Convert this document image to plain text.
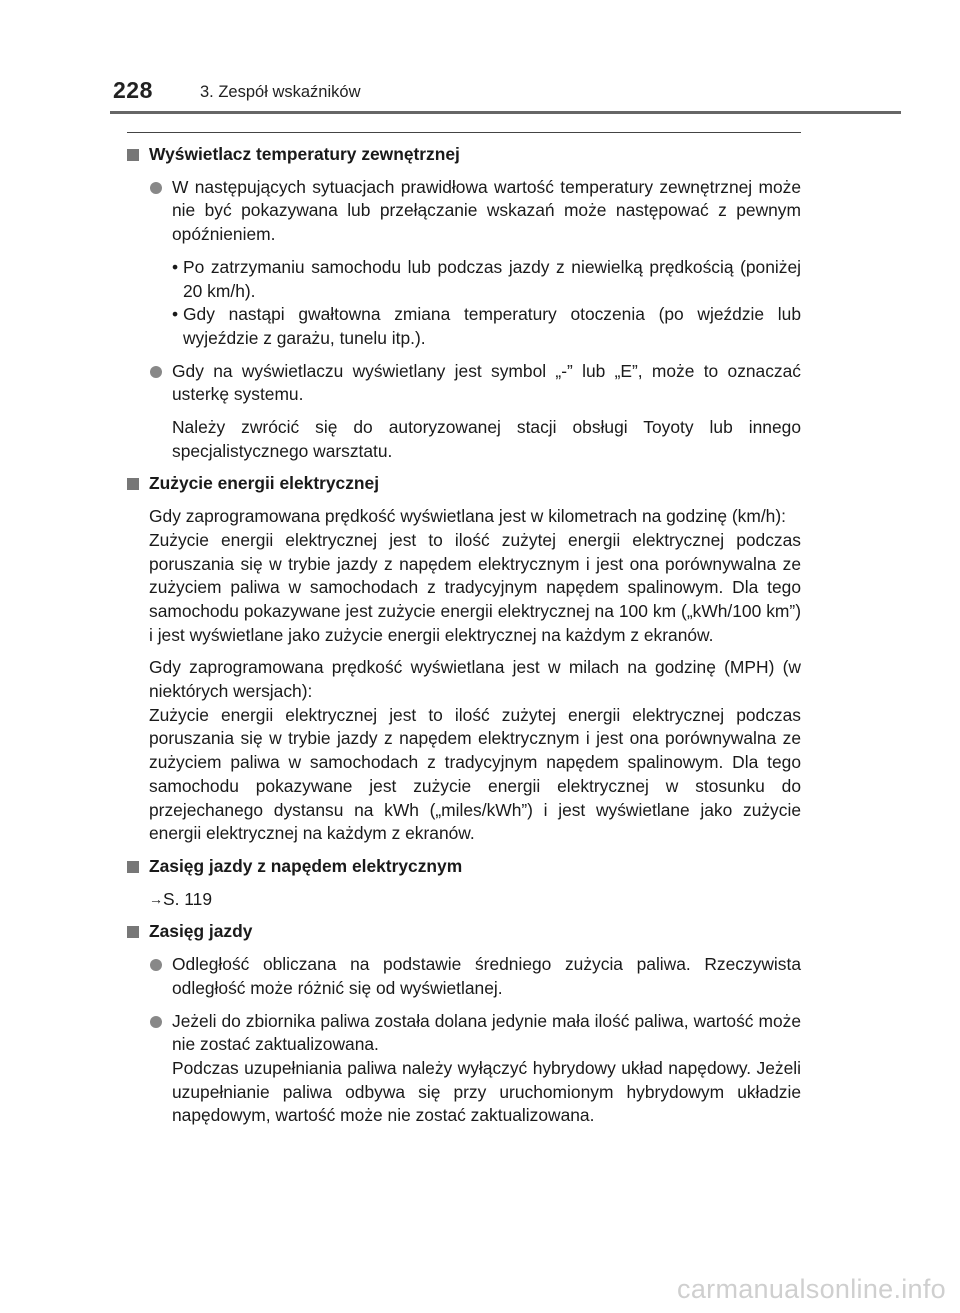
228	3. Zespół wskaźników
Wyświetlacz temperatury zewnętrznej
W następujących sytuacjach prawidłowa wartość temperatury zewnętrznej może nie być pokazywana lub przełączanie wskazań może następować z pewnym opóźnieniem.
• Po zatrzymaniu samochodu lub podczas jazdy z niewielką prędkością (poniżej 20 km/h).
• Gdy nastąpi gwałtowna zmiana temperatury otoczenia (po wjeździe lub wyjeździe z garażu, tunelu itp.).
Gdy na wyświetlaczu wyświetlany jest symbol „-” lub „E”, może to oznaczać usterkę systemu.
Należy zwrócić się do autoryzowanej stacji obsługi Toyoty lub innego specjalistycznego warsztatu.
Zużycie energii elektrycznej
Gdy zaprogramowana prędkość wyświetlana jest w kilometrach na godzinę (km/h):
Zużycie energii elektrycznej jest to ilość zużytej energii elektrycznej podczas poruszania się w trybie jazdy z napędem elektrycznym i jest ona porównywalna ze zużyciem paliwa w samochodach z tradycyjnym napędem spalinowym. Dla tego samochodu pokazywane jest zużycie energii elektrycznej na 100 km („kWh/100 km”) i jest wyświetlane jako zużycie energii elektrycznej na każdym z ekranów.
Gdy zaprogramowana prędkość wyświetlana jest w milach na godzinę (MPH) (w niektórych wersjach):
Zużycie energii elektrycznej jest to ilość zużytej energii elektrycznej podczas poruszania się w trybie jazdy z napędem elektrycznym i jest ona porównywalna ze zużyciem paliwa w samochodach z tradycyjnym napędem spalinowym. Dla tego samochodu pokazywane jest zużycie energii elektrycznej w stosunku do przejechanego dystansu na kWh („miles/kWh”) i jest wyświetlane jako zużycie energii elektrycznej na każdym z ekranów.
Zasięg jazdy z napędem elektrycznym
→S. 119
Zasięg jazdy
Odległość obliczana na podstawie średniego zużycia paliwa. Rzeczywista odległość może różnić się od wyświetlanej.
Jeżeli do zbiornika paliwa została dolana jedynie mała ilość paliwa, wartość może nie zostać zaktualizowana.
Podczas uzupełniania paliwa należy wyłączyć hybrydowy układ napędowy. Jeżeli uzupełnianie paliwa odbywa się przy uruchomionym hybrydowym układzie napędowym, wartość może nie zostać zaktualizowana.
carmanualsonline.info
